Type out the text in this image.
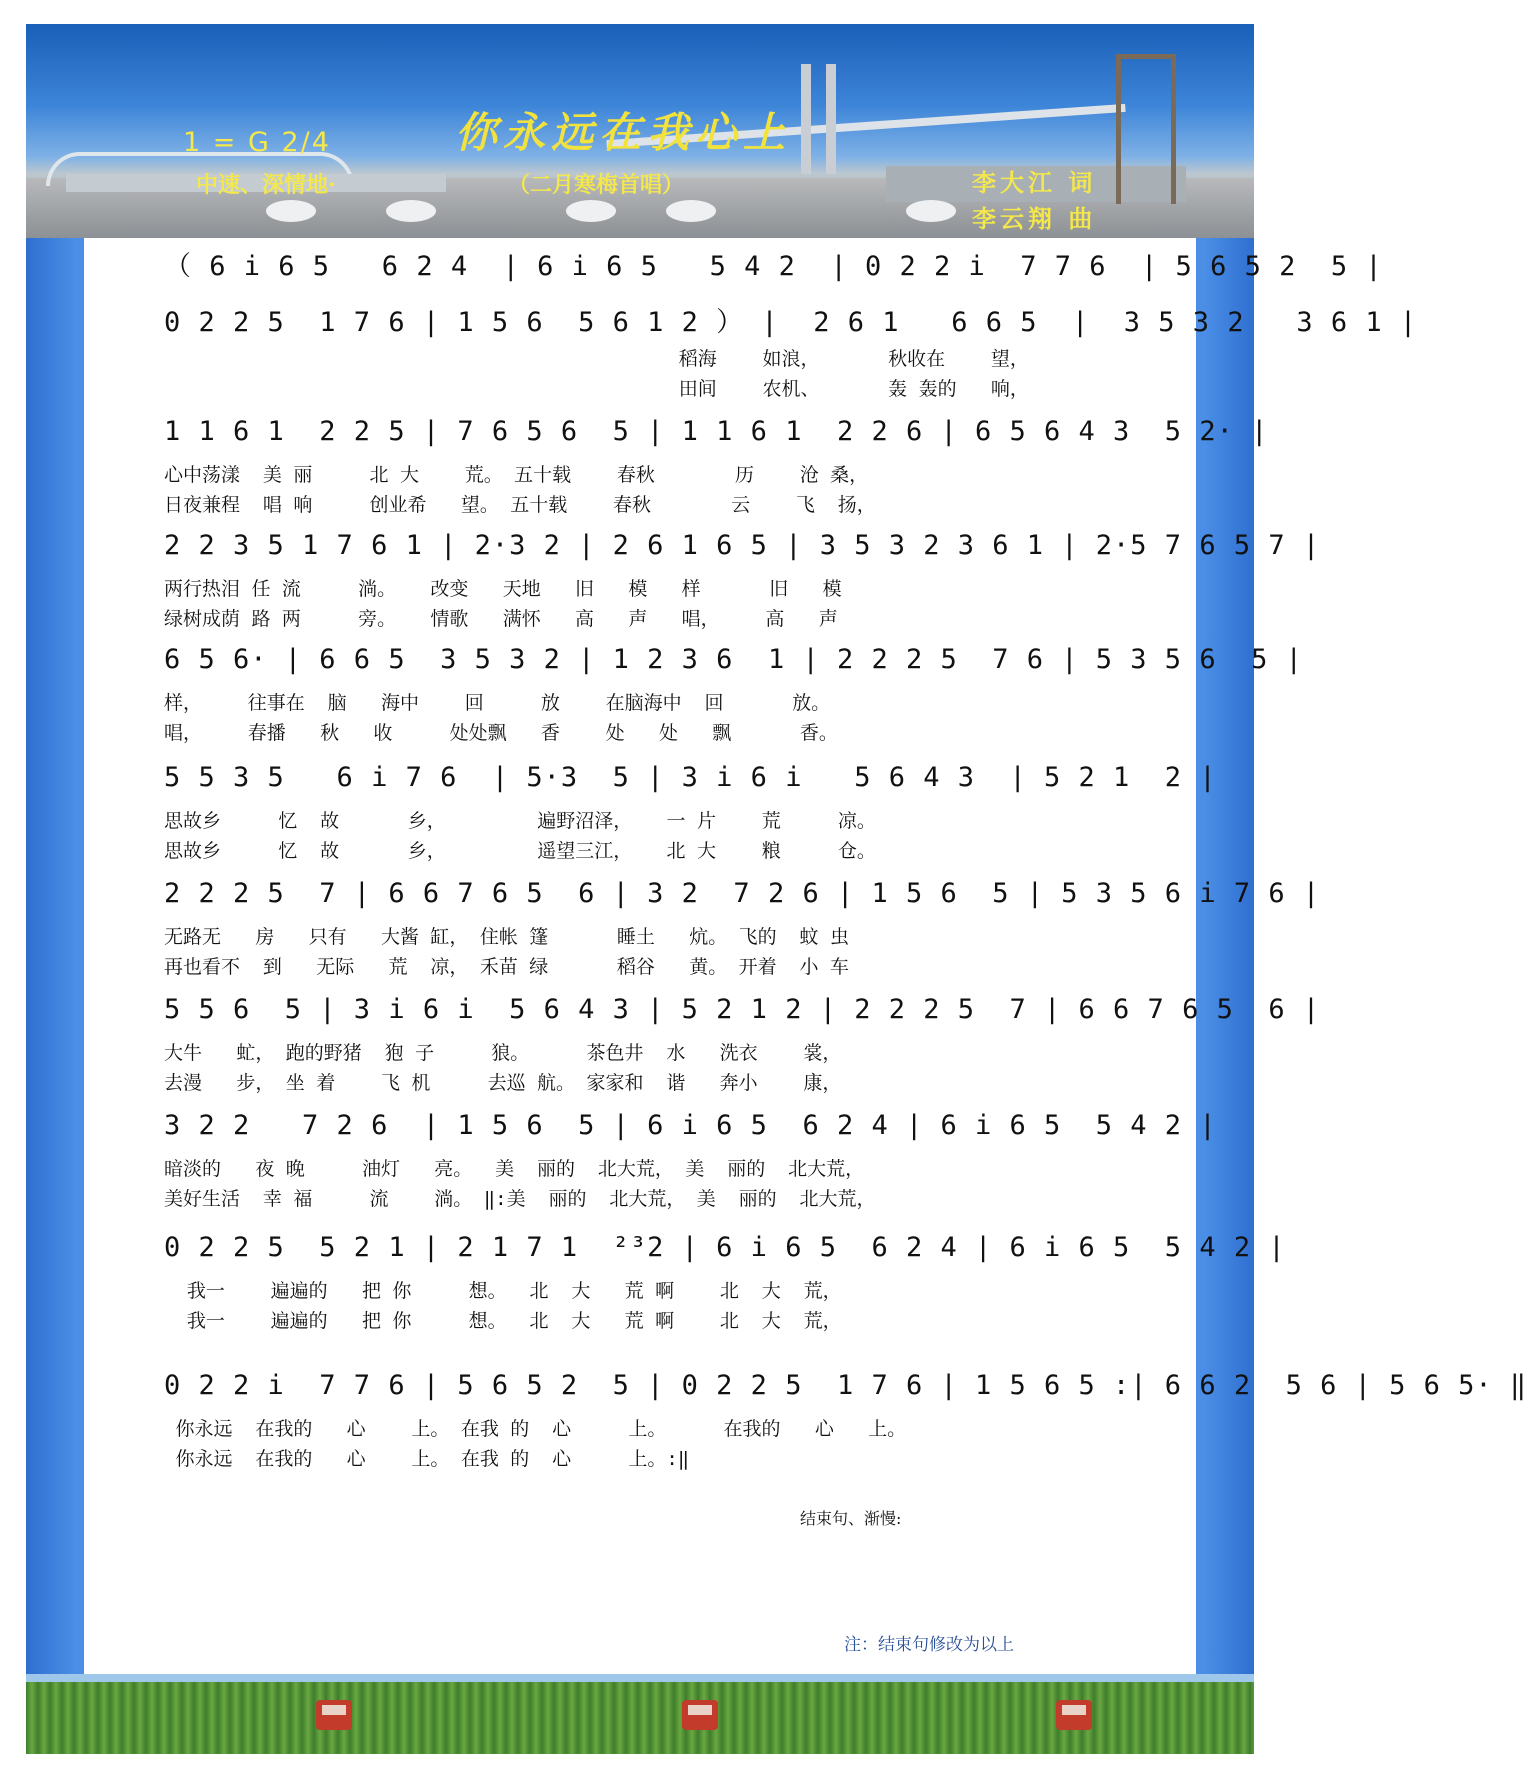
1 = G 2/4	你永远在我心上
中速、深情地·	（二月寒梅首唱）	李大江 词
李云翔 曲
（ 6 i 6 5   6 2 4  | 6 i 6 5   5 4 2  | 0 2 2 i  7 7 6  | 5 6 5 2  5 |
0 2 2 5  1 7 6 | 1 5 6  5 6 1 2 ） |  2 6 1   6 6 5  |  3 5 3 2   3 6 1 |
稻海    如浪，      秋收在    望，
田间    农机、      轰 轰的   响，
1 1 6 1  2 2 5 | 7 6 5 6  5 | 1 1 6 1  2 2 6 | 6 5 6 4 3  5 2· |
心中荡漾  美 丽     北 大    荒。 五十载    春秋       历    沧 桑，
日夜兼程  唱 响     创业希   望。 五十载    春秋       云    飞  扬，
2 2 3 5 1 7 6 1 | 2·3 2 | 2 6 1 6 5 | 3 5 3 2 3 6 1 | 2·5 7 6 5 7 |
两行热泪 任 流     淌。   改变   天地   旧   模   样      旧   模
绿树成荫 路 两     旁。   情歌   满怀   高   声   唱，    高   声
6 5 6· | 6 6 5  3 5 3 2 | 1 2 3 6  1 | 2 2 2 5  7 6 | 5 3 5 6  5 |
样，    往事在  脑   海中    回     放    在脑海中  回      放。
唱，    春播   秋   收     处处飘   香    处   处   飘      香。
5 5 3 5   6 i 7 6  | 5·3  5 | 3 i 6 i   5 6 4 3  | 5 2 1  2 |
思故乡     忆  故      乡，        遍野沼泽，   一 片    荒     凉。
思故乡     忆  故      乡，        遥望三江，   北 大    粮     仓。
2 2 2 5  7 | 6 6 7 6 5  6 | 3 2  7 2 6 | 1 5 6  5 | 5 3 5 6 i 7 6 |
无路无   房   只有   大酱 缸， 住帐 篷      睡土   炕。 飞的  蚊 虫
再也看不  到   无际   荒  凉， 禾苗 绿      稻谷   黄。 开着  小 车
5 5 6  5 | 3 i 6 i  5 6 4 3 | 5 2 1 2 | 2 2 2 5  7 | 6 6 7 6 5  6 |
大牛   虻， 跑的野猪  狍 子     狼。     茶色井  水   洗衣    裳，
去漫   步， 坐 着    飞 机     去巡 航。 家家和  谐   奔小    康，
3 2 2   7 2 6  | 1 5 6  5 | 6 i 6 5  6 2 4 | 6 i 6 5  5 4 2 |
暗淡的   夜 晚     油灯   亮。  美  丽的  北大荒， 美  丽的  北大荒，
美好生活  幸 福     流    淌。 ‖:美  丽的  北大荒， 美  丽的  北大荒，
0 2 2 5  5 2 1 | 2 1 7 1  ²³2 | 6 i 6 5  6 2 4 | 6 i 6 5  5 4 2 |
我一    遍遍的   把 你     想。  北  大   荒 啊    北  大  荒，
我一    遍遍的   把 你     想。  北  大   荒 啊    北  大  荒，
0 2 2 i  7 7 6 | 5 6 5 2  5 | 0 2 2 5  1 7 6 | 1 5 6 5 :| 6 6 2  5 6 | 5 6 5· ‖
你永远  在我的   心    上。 在我 的  心     上。     在我的   心   上。
你永远  在我的   心    上。 在我 的  心     上。:‖
结束句、渐慢:
注：结束句修改为以上
